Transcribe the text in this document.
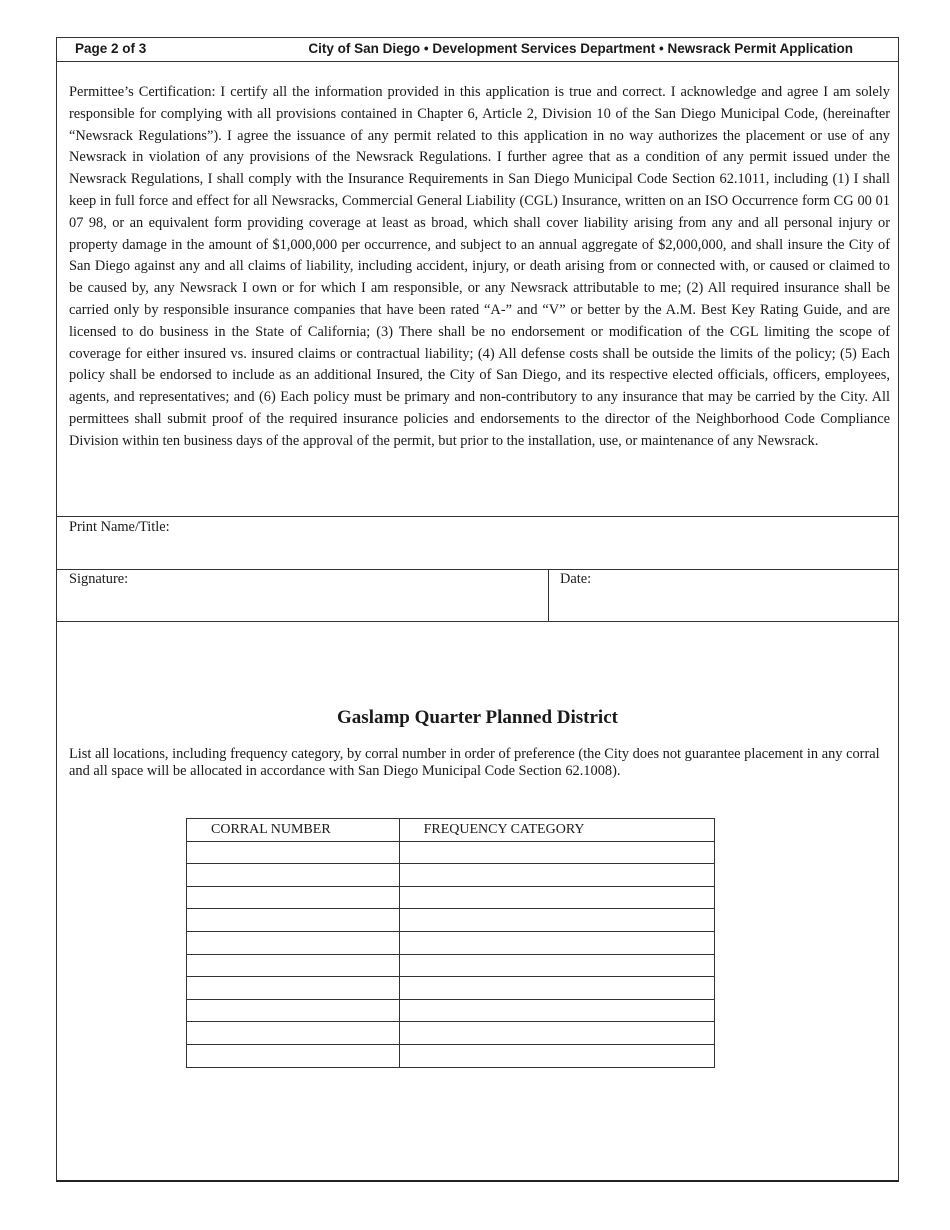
Page 2 of 3	City of San Diego • Development Services Department • Newsrack Permit Application

Permittee’s Certification: I certify all the information provided in this application is true and correct. I acknowledge and agree I am solely responsible for complying with all provisions contained in Chapter 6, Article 2, Division 10 of the San Diego Municipal Code, (hereinafter “Newsrack Regulations”). I agree the issuance of any permit related to this application in no way authorizes the placement or use of any Newsrack in violation of any provisions of the Newsrack Regulations. I further agree that as a condition of any permit issued under the Newsrack Regulations, I shall comply with the Insurance Requirements in San Diego Municipal Code Section 62.1011, including (1) I shall keep in full force and effect for all Newsracks, Commercial General Liability (CGL) Insurance, written on an ISO Occurrence form CG 00 01 07 98, or an equivalent form providing coverage at least as broad, which shall cover liability arising from any and all personal injury or property damage in the amount of $1,000,000 per occurrence, and subject to an annual aggregate of $2,000,000, and shall insure the City of San Diego against any and all claims of liability, including accident, injury, or death arising from or connected with, or caused or claimed to be caused by, any Newsrack I own or for which I am responsible, or any Newsrack attributable to me; (2) All required insurance shall be carried only by responsible insurance companies that have been rated “A-” and “V” or better by the A.M. Best Key Rating Guide, and are licensed to do business in the State of California; (3) There shall be no endorsement or modification of the CGL limiting the scope of coverage for either insured vs. insured claims or contractual liability; (4) All defense costs shall be outside the limits of the policy; (5) Each policy shall be endorsed to include as an additional Insured, the City of San Diego, and its respective elected officials, officers, employees, agents, and representatives; and (6) Each policy must be primary and non-contributory to any insurance that may be carried by the City. All permittees shall submit proof of the required insurance policies and endorsements to the director of the Neighborhood Code Compliance Division within ten business days of the approval of the permit, but prior to the installation, use, or maintenance of any Newsrack.

Print Name/Title:
Signature:	Date:
Gaslamp Quarter Planned District

List all locations, including frequency category, by corral number in order of preference (the City does not guarantee placement in any corral and all space will be allocated in accordance with San Diego Municipal Code Section 62.1008).

CORRAL NUMBER	FREQUENCY CATEGORY
